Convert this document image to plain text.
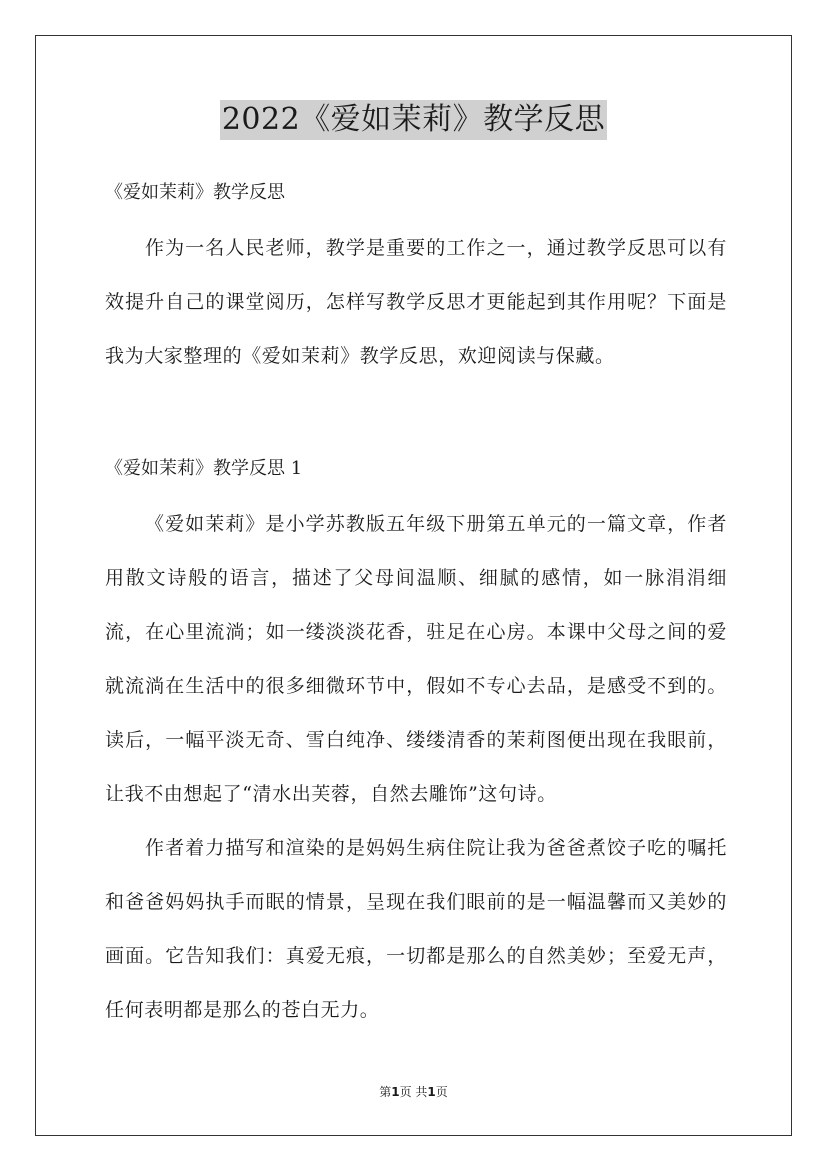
2022《爱如茉莉》教学反思

《爱如茉莉》教学反思

作为一名人民老师，教学是重要的工作之一，通过教学反思可以有效提升自己的课堂阅历，怎样写教学反思才更能起到其作用呢？下面是我为大家整理的《爱如茉莉》教学反思，欢迎阅读与保藏。

《爱如茉莉》教学反思 1

《爱如茉莉》是小学苏教版五年级下册第五单元的一篇文章，作者用散文诗般的语言，描述了父母间温顺、细腻的感情，如一脉涓涓细流，在心里流淌；如一缕淡淡花香，驻足在心房。本课中父母之间的爱就流淌在生活中的很多细微环节中，假如不专心去品，是感受不到的。读后，一幅平淡无奇、雪白纯净、缕缕清香的茉莉图便出现在我眼前，让我不由想起了“清水出芙蓉，自然去雕饰”这句诗。

作者着力描写和渲染的是妈妈生病住院让我为爸爸煮饺子吃的嘱托和爸爸妈妈执手而眠的情景，呈现在我们眼前的是一幅温馨而又美妙的画面。它告知我们：真爱无痕，一切都是那么的自然美妙；至爱无声，任何表明都是那么的苍白无力。

第1页 共1页
